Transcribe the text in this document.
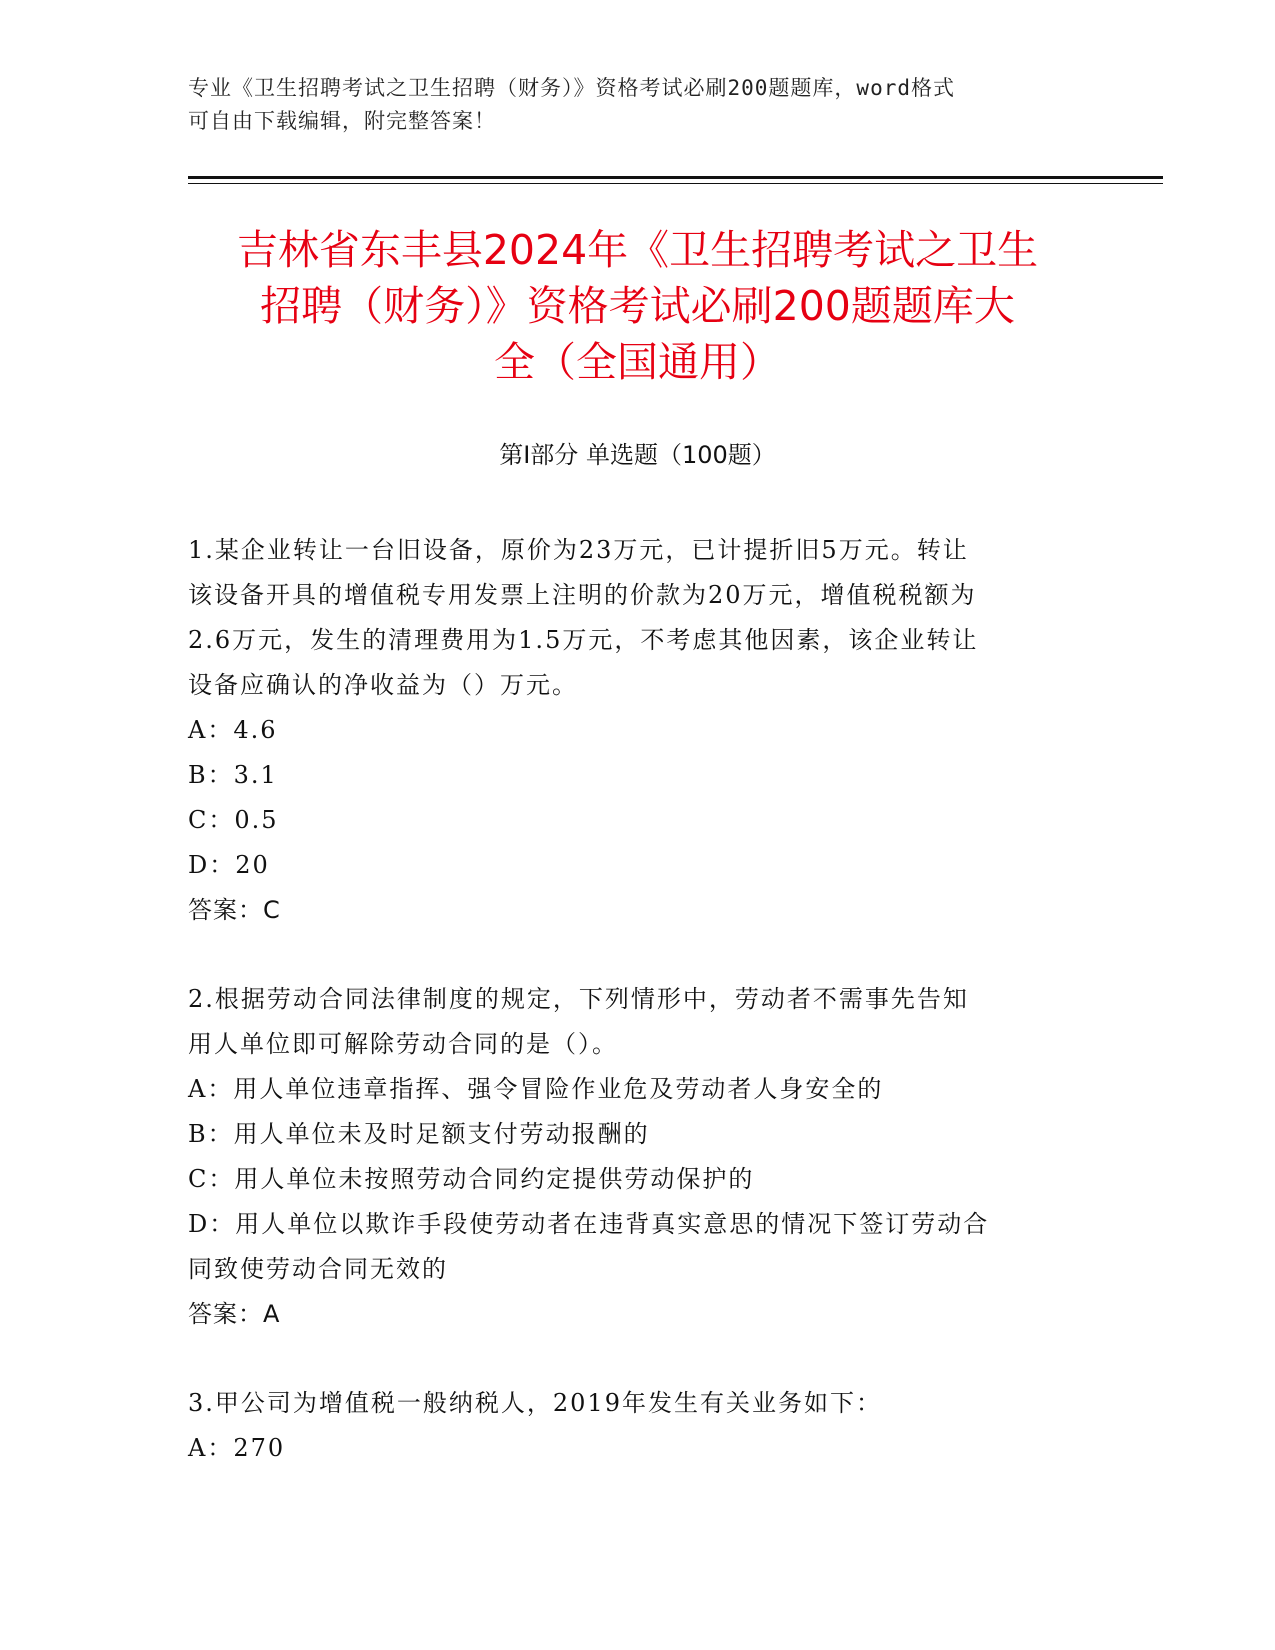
专业《卫生招聘考试之卫生招聘（财务）》资格考试必刷200题题库，word格式
可自由下载编辑，附完整答案！
吉林省东丰县2024年《卫生招聘考试之卫生
招聘（财务）》资格考试必刷200题题库大
全（全国通用）
第Ⅰ部分 单选题（100题）
1.某企业转让一台旧设备，原价为23万元，已计提折旧5万元。转让
该设备开具的增值税专用发票上注明的价款为20万元，增值税税额为
2.6万元，发生的清理费用为1.5万元，不考虑其他因素，该企业转让
设备应确认的净收益为（）万元。
A：4.6
B：3.1
C：0.5
D：20
答案：C
2.根据劳动合同法律制度的规定，下列情形中，劳动者不需事先告知
用人单位即可解除劳动合同的是（）。
A：用人单位违章指挥、强令冒险作业危及劳动者人身安全的
B：用人单位未及时足额支付劳动报酬的
C：用人单位未按照劳动合同约定提供劳动保护的
D：用人单位以欺诈手段使劳动者在违背真实意思的情况下签订劳动合
同致使劳动合同无效的
答案：A
3.甲公司为增值税一般纳税人，2019年发生有关业务如下：
A：270
